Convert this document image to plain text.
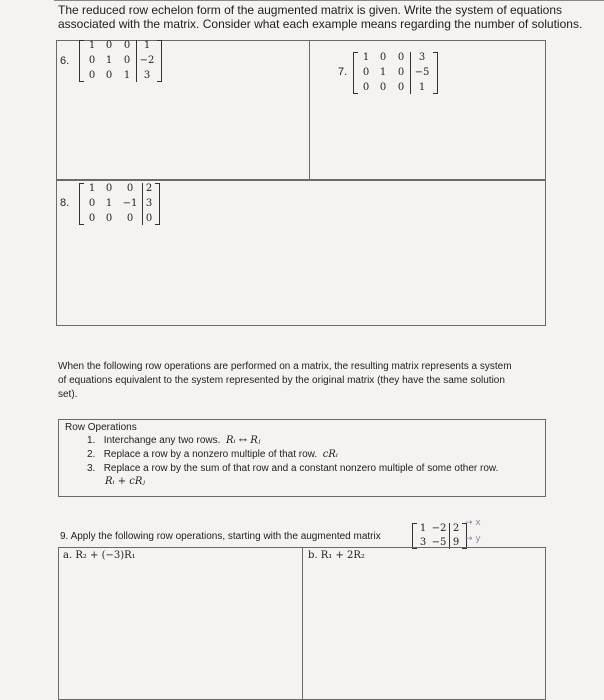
The reduced row echelon form of the augmented matrix is given. Write the system of equations
associated with the matrix. Consider what each example means regarding the number of solutions.
6.
1
0
0
0
1
0
0
0
1
1
−2
3	7.
1
0
0
0
1
0
0
0
0
3
−5
1
8.
1
0
0
0
1
0
0
−1
0
2
3
0
When the following row operations are performed on a matrix, the resulting matrix represents a system
of equations equivalent to the system represented by the original matrix (they have the same solution
set).
Row Operations
1. Interchange any two rows. Rᵢ ↔ Rⱼ
2. Replace a row by a nonzero multiple of that row. cRᵢ
3. Replace a row by the sum of that row and a constant nonzero multiple of some other row.
Rᵢ + cRⱼ
9. Apply the following row operations, starting with the augmented matrix
1
3
−2
−5
2
9
→ x
→ y
a. R₂ + (−3)R₁	b. R₁ + 2R₂
